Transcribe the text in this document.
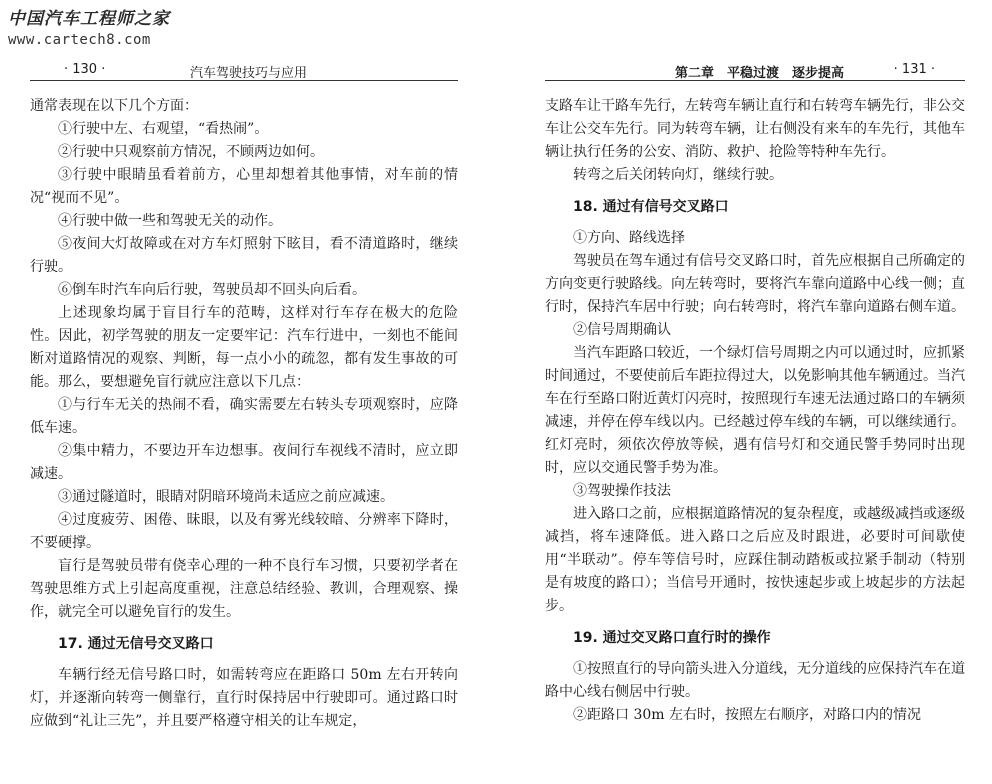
中国汽车工程师之家
www.cartech8.com
· 130 ·	汽车驾驶技巧与应用

通常表现在以下几个方面：

①行驶中左、右观望，“看热闹”。

②行驶中只观察前方情况，不顾两边如何。

③行驶中眼睛虽看着前方，心里却想着其他事情，对车前的情况“视而不见”。

④行驶中做一些和驾驶无关的动作。

⑤夜间大灯故障或在对方车灯照射下眩目，看不清道路时，继续行驶。

⑥倒车时汽车向后行驶，驾驶员却不回头向后看。

上述现象均属于盲目行车的范畴，这样对行车存在极大的危险性。因此，初学驾驶的朋友一定要牢记：汽车行进中，一刻也不能间断对道路情况的观察、判断，每一点小小的疏忽，都有发生事故的可能。那么，要想避免盲行就应注意以下几点：

①与行车无关的热闹不看，确实需要左右转头专项观察时，应降低车速。

②集中精力，不要边开车边想事。夜间行车视线不清时，应立即减速。

③通过隧道时，眼睛对阴暗环境尚未适应之前应减速。

④过度疲劳、困倦、昧眼，以及有雾光线较暗、分辨率下降时，不要硬撑。

盲行是驾驶员带有侥幸心理的一种不良行车习惯，只要初学者在驾驶思维方式上引起高度重视，注意总结经验、教训，合理观察、操作，就完全可以避免盲行的发生。

17. 通过无信号交叉路口

车辆行经无信号路口时，如需转弯应在距路口 50m 左右开转向灯，并逐渐向转弯一侧靠行，直行时保持居中行驶即可。通过路口时应做到“礼让三先”，并且要严格遵守相关的让车规定，

第二章　平稳过渡　逐步提高	· 131 ·

支路车让干路车先行，左转弯车辆让直行和右转弯车辆先行，非公交车让公交车先行。同为转弯车辆，让右侧没有来车的车先行，其他车辆让执行任务的公安、消防、救护、抢险等特种车先行。

转弯之后关闭转向灯，继续行驶。

18. 通过有信号交叉路口

①方向、路线选择

驾驶员在驾车通过有信号交叉路口时，首先应根据自己所确定的方向变更行驶路线。向左转弯时，要将汽车靠向道路中心线一侧；直行时，保持汽车居中行驶；向右转弯时，将汽车靠向道路右侧车道。

②信号周期确认

当汽车距路口较近，一个绿灯信号周期之内可以通过时，应抓紧时间通过，不要使前后车距拉得过大，以免影响其他车辆通过。当汽车在行至路口附近黄灯闪亮时，按照现行车速无法通过路口的车辆须减速，并停在停车线以内。已经越过停车线的车辆，可以继续通行。红灯亮时，须依次停放等候，遇有信号灯和交通民警手势同时出现时，应以交通民警手势为准。

③驾驶操作技法

进入路口之前，应根据道路情况的复杂程度，或越级减挡或逐级减挡，将车速降低。进入路口之后应及时跟进，必要时可间歇使用“半联动”。停车等信号时，应踩住制动踏板或拉紧手制动（特别是有坡度的路口）；当信号开通时，按快速起步或上坡起步的方法起步。

19. 通过交叉路口直行时的操作

①按照直行的导向箭头进入分道线，无分道线的应保持汽车在道路中心线右侧居中行驶。

②距路口 30m 左右时，按照左右顺序，对路口内的情况
